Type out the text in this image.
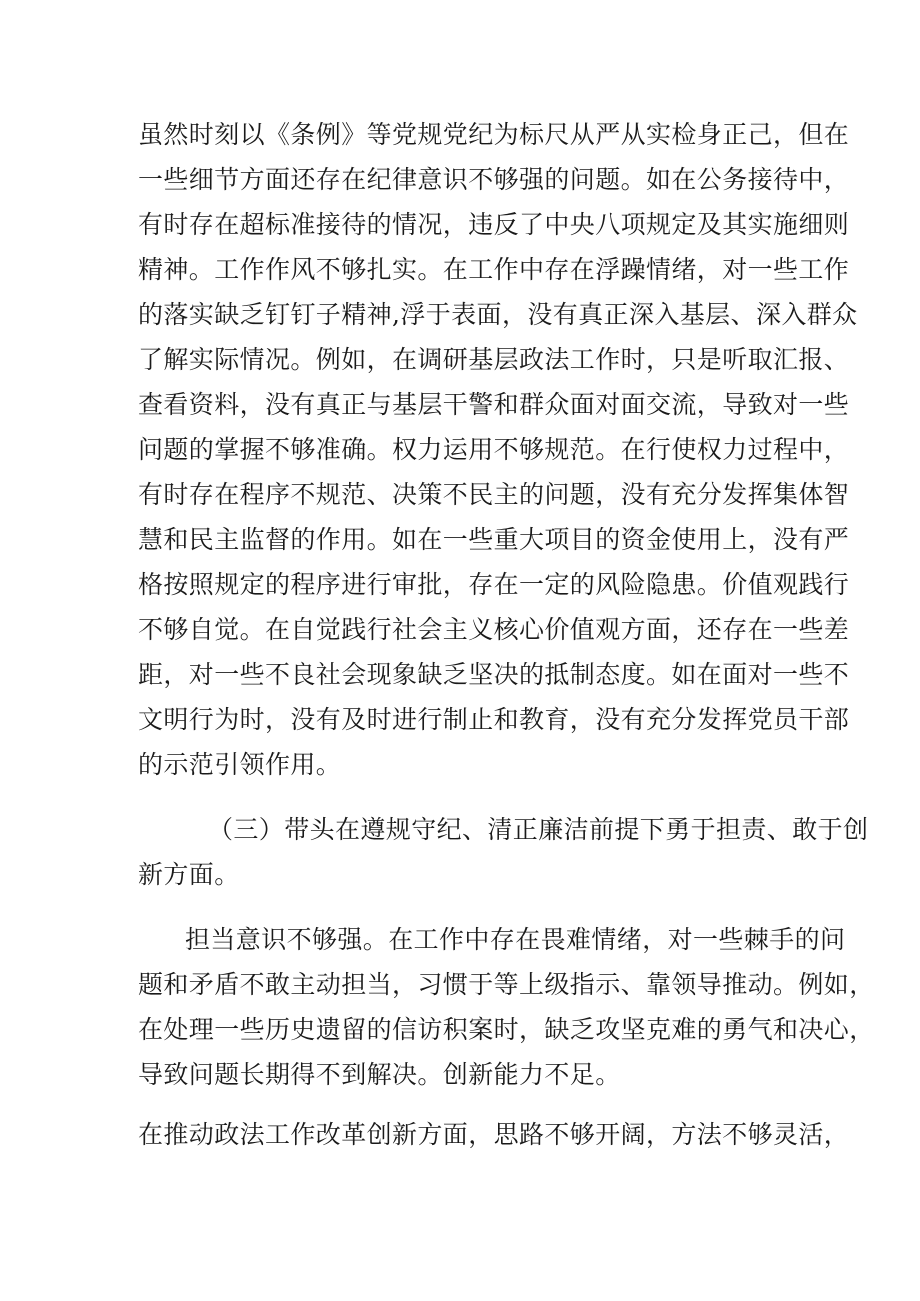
虽然时刻以《条例》等党规党纪为标尺从严从实检身正己，但在
一些细节方面还存在纪律意识不够强的问题。如在公务接待中，
有时存在超标准接待的情况，违反了中央八项规定及其实施细则
精神。工作作风不够扎实。在工作中存在浮躁情绪，对一些工作
的落实缺乏钉钉子精神,浮于表面，没有真正深入基层、深入群众
了解实际情况。例如，在调研基层政法工作时，只是听取汇报、
查看资料，没有真正与基层干警和群众面对面交流，导致对一些
问题的掌握不够准确。权力运用不够规范。在行使权力过程中，
有时存在程序不规范、决策不民主的问题，没有充分发挥集体智
慧和民主监督的作用。如在一些重大项目的资金使用上，没有严
格按照规定的程序进行审批，存在一定的风险隐患。价值观践行
不够自觉。在自觉践行社会主义核心价值观方面，还存在一些差
距，对一些不良社会现象缺乏坚决的抵制态度。如在面对一些不
文明行为时，没有及时进行制止和教育，没有充分发挥党员干部
的示范引领作用。
（三）带头在遵规守纪、清正廉洁前提下勇于担责、敢于创
新方面。
担当意识不够强。在工作中存在畏难情绪，对一些棘手的问
题和矛盾不敢主动担当，习惯于等上级指示、靠领导推动。例如，
在处理一些历史遗留的信访积案时，缺乏攻坚克难的勇气和决心，
导致问题长期得不到解决。创新能力不足。
在推动政法工作改革创新方面，思路不够开阔，方法不够灵活，
